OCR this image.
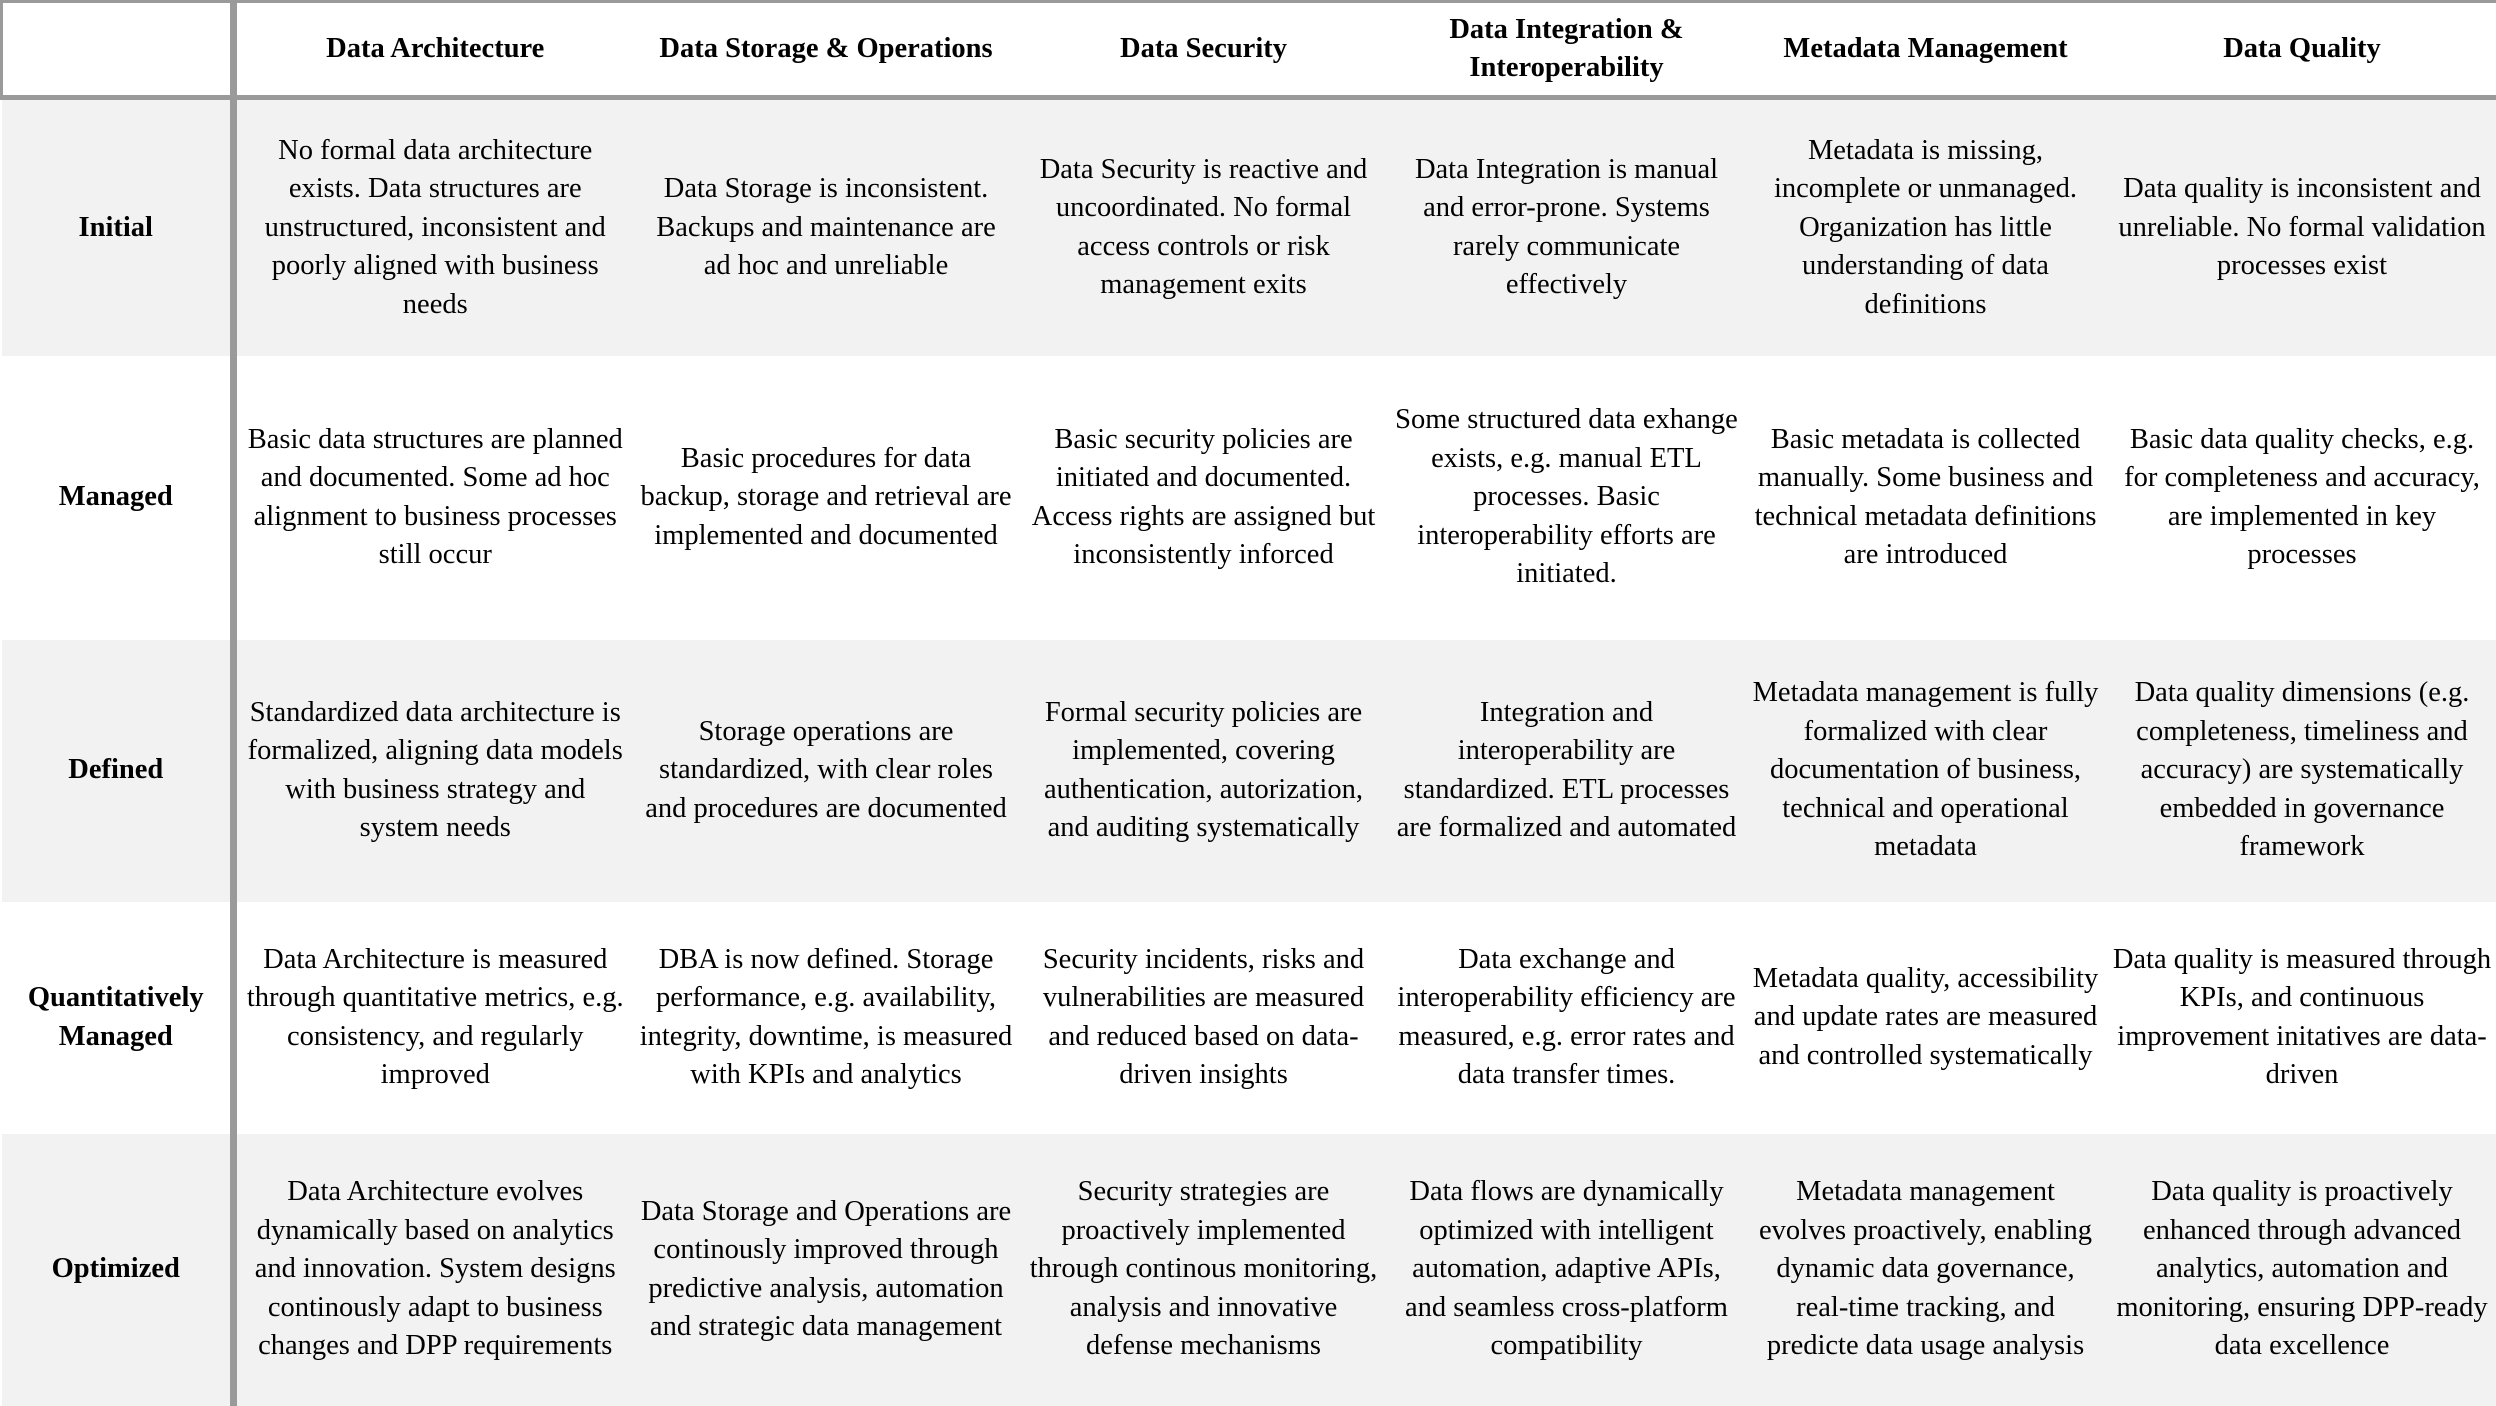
	Data Architecture	Data Storage & Operations	Data Security	Data Integration & Interoperability	Metadata Management	Data Quality
Initial	No formal data architecture exists. Data structures are unstructured, inconsistent and poorly aligned with business needs	Data Storage is inconsistent. Backups and maintenance are ad hoc and unreliable	Data Security is reactive and uncoordinated. No formal access controls or risk management exits	Data Integration is manual and error-prone. Systems rarely communicate effectively	Metadata is missing, incomplete or unmanaged. Organization has little understanding of data definitions	Data quality is inconsistent and unreliable. No formal validation processes exist
Managed	Basic data structures are planned and documented. Some ad hoc alignment to business processes still occur	Basic procedures for data backup, storage and retrieval are implemented and documented	Basic security policies are initiated and documented. Access rights are assigned but inconsistently inforced	Some structured data exhange exists, e.g. manual ETL processes. Basic interoperability efforts are initiated.	Basic metadata is collected manually. Some business and technical metadata definitions are introduced	Basic data quality checks, e.g. for completeness and accuracy, are implemented in key processes
Defined	Standardized data architecture is formalized, aligning data models with business strategy and system needs	Storage operations are standardized, with clear roles and procedures are documented	Formal security policies are implemented, covering authentication, autorization, and auditing systematically	Integration and interoperability are standardized. ETL processes are formalized and automated	Metadata management is fully formalized with clear documentation of business, technical and operational metadata	Data quality dimensions (e.g. completeness, timeliness and accuracy) are systematically embedded in governance framework
Quantitatively Managed	Data Architecture is measured through quantitative metrics, e.g. consistency, and regularly improved	DBA is now defined. Storage performance, e.g. availability, integrity, downtime, is measured with KPIs and analytics	Security incidents, risks and vulnerabilities are measured and reduced based on data-driven insights	Data exchange and interoperability efficiency are measured, e.g. error rates and data transfer times.	Metadata quality, accessibility and update rates are measured and controlled systematically	Data quality is measured through KPIs, and continuous improvement initatives are data-driven
Optimized	Data Architecture evolves dynamically based on analytics and innovation. System designs continously adapt to business changes and DPP requirements	Data Storage and Operations are continously improved through predictive analysis, automation and strategic data management	Security strategies are proactively implemented through continous monitoring, analysis and innovative defense mechanisms	Data flows are dynamically optimized with intelligent automation, adaptive APIs, and seamless cross-platform compatibility	Metadata management evolves proactively, enabling dynamic data governance, real-time tracking, and predicte data usage analysis	Data quality is proactively enhanced through advanced analytics, automation and monitoring, ensuring DPP-ready data excellence
